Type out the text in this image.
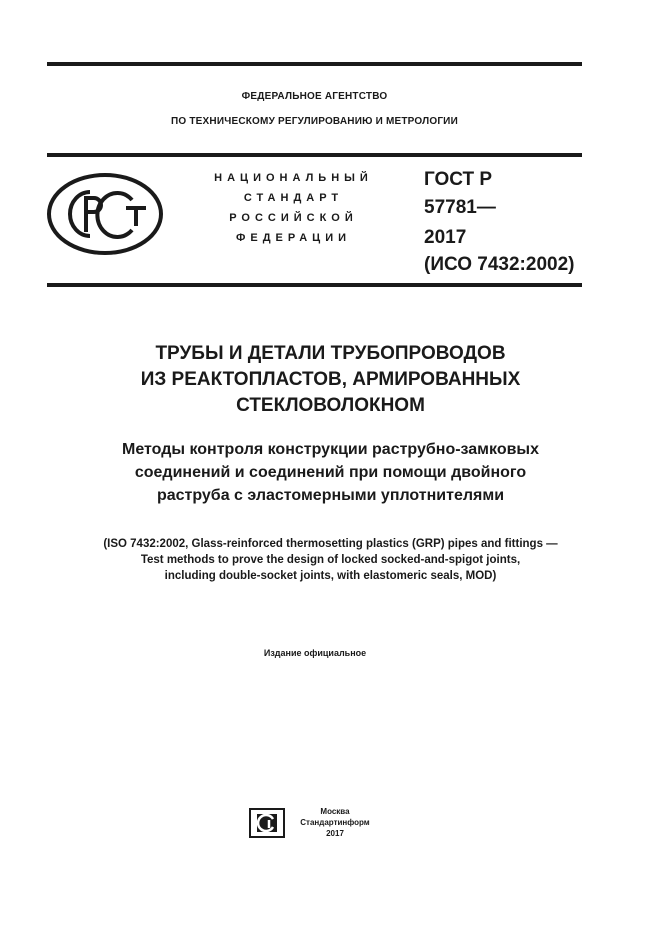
ФЕДЕРАЛЬНОЕ АГЕНТСТВО
ПО ТЕХНИЧЕСКОМУ РЕГУЛИРОВАНИЮ И МЕТРОЛОГИИ
НАЦИОНАЛЬНЫЙ
СТАНДАРТ
РОССИЙСКОЙ
ФЕДЕРАЦИИ
ГОСТ Р
57781—
2017
(ИСО 7432:2002)
ТРУБЫ И ДЕТАЛИ ТРУБОПРОВОДОВ
ИЗ РЕАКТОПЛАСТОВ, АРМИРОВАННЫХ
СТЕКЛОВОЛОКНОМ
Методы контроля конструкции раструбно-замковых
соединений и соединений при помощи двойного
раструба с эластомерными уплотнителями
(ISO 7432:2002, Glass-reinforced thermosetting plastics (GRP) pipes and fittings —
Test methods to prove the design of locked socked-and-spigot joints,
including double-socket joints, with elastomeric seals, MOD)
Издание официальное
Москва
Стандартинформ
2017
